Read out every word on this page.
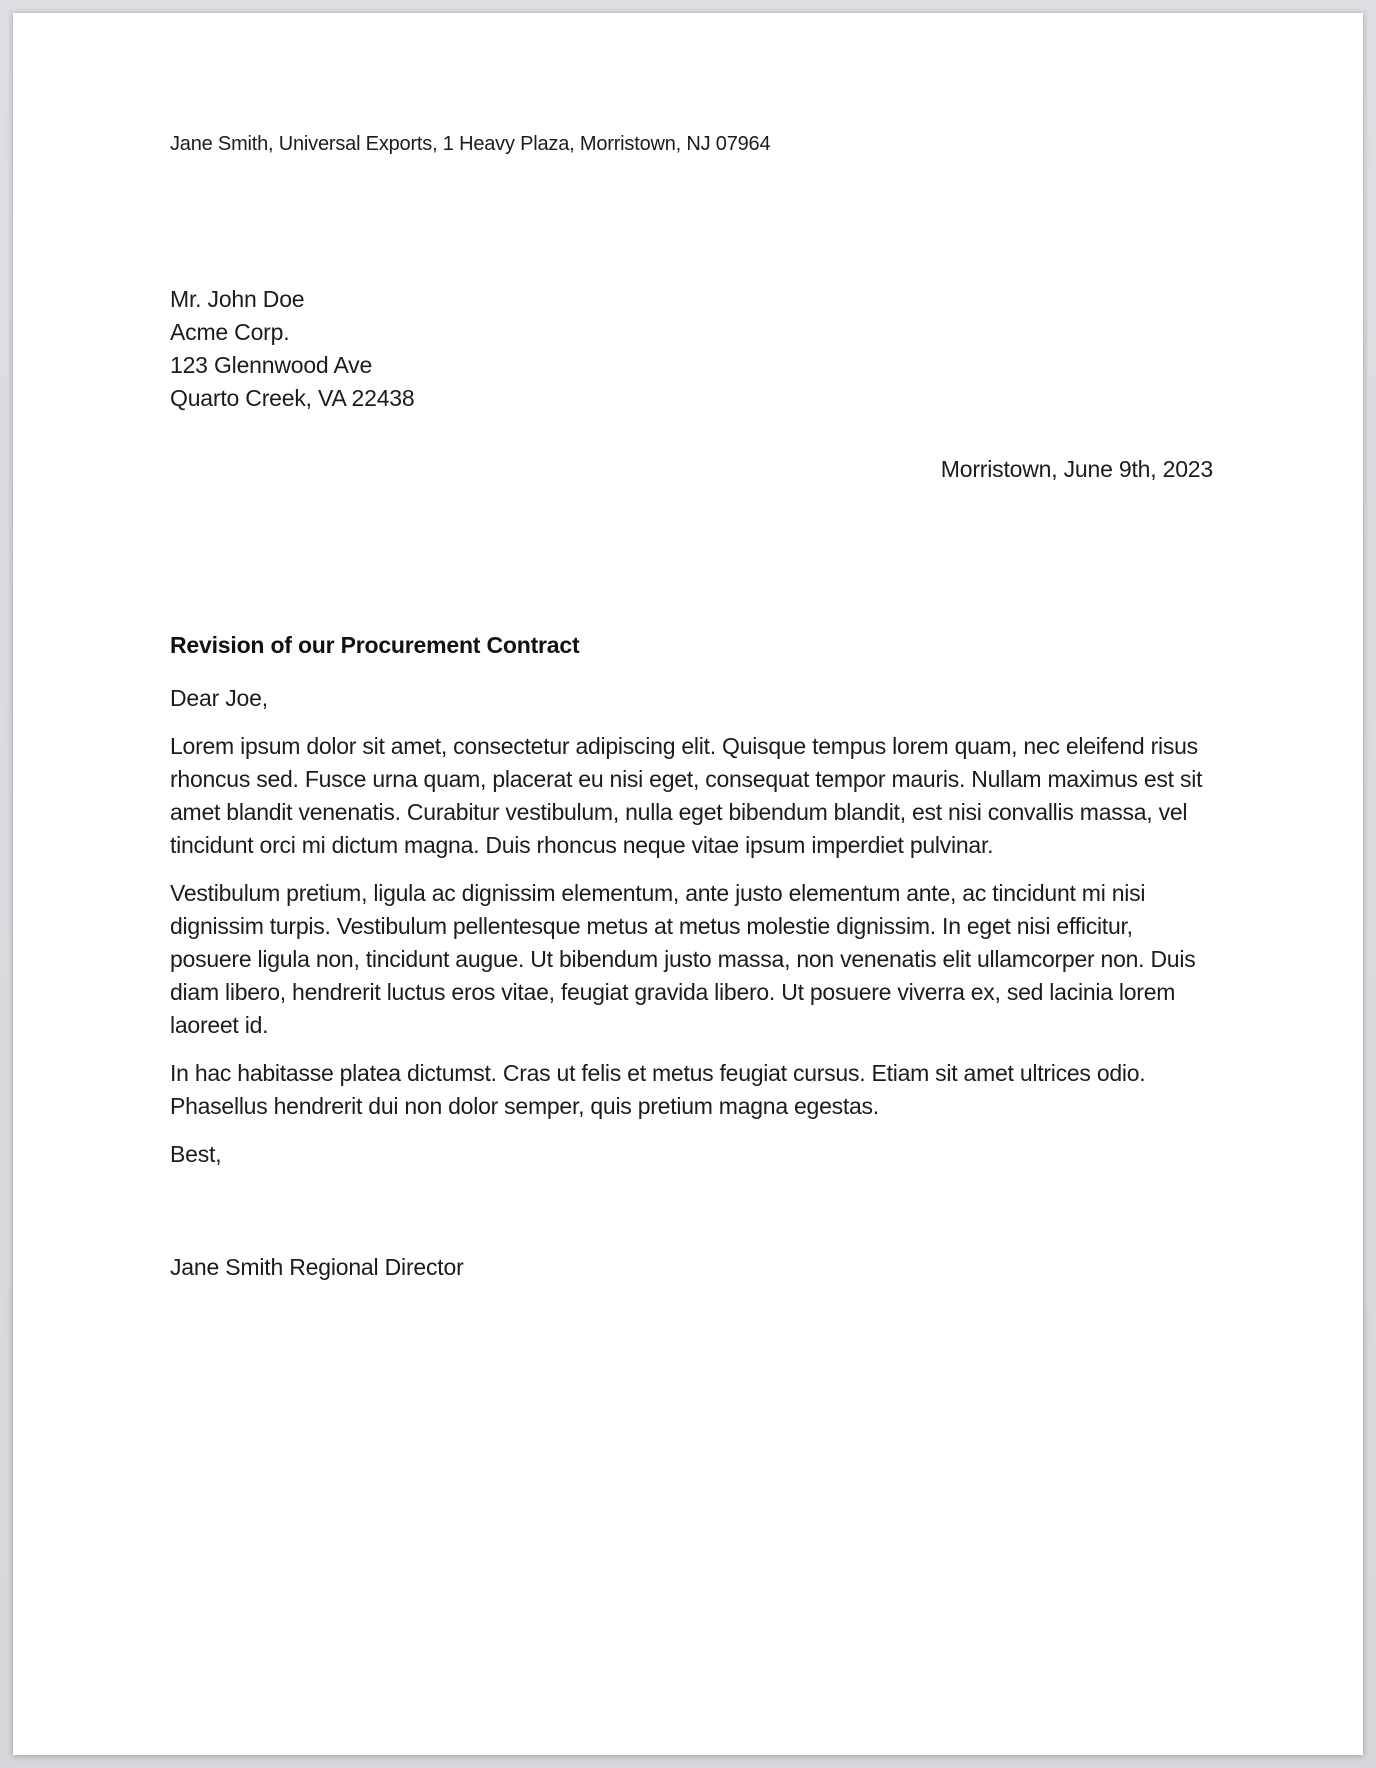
Jane Smith, Universal Exports, 1 Heavy Plaza, Morristown, NJ 07964
Mr. John Doe
Acme Corp.
123 Glennwood Ave
Quarto Creek, VA 22438
Morristown, June 9th, 2023
Revision of our Procurement Contract
Dear Joe,

Lorem ipsum dolor sit amet, consectetur adipiscing elit. Quisque tempus lorem quam, nec eleifend risus rhoncus sed. Fusce urna quam, placerat eu nisi eget, consequat tempor mauris. Nullam maximus est sit amet blandit venenatis. Curabitur vestibulum, nulla eget bibendum blandit, est nisi convallis massa, vel tincidunt orci mi dictum magna. Duis rhoncus neque vitae ipsum imperdiet pulvinar.

Vestibulum pretium, ligula ac dignissim elementum, ante justo elementum ante, ac tincidunt mi nisi dignissim turpis. Vestibulum pellentesque metus at metus molestie dignissim. In eget nisi efficitur, posuere ligula non, tincidunt augue. Ut bibendum justo massa, non venenatis elit ullamcorper non. Duis diam libero, hendrerit luctus eros vitae, feugiat gravida libero. Ut posuere viverra ex, sed lacinia lorem laoreet id.

In hac habitasse platea dictumst. Cras ut felis et metus feugiat cursus. Etiam sit amet ultrices odio. Phasellus hendrerit dui non dolor semper, quis pretium magna egestas.

Best,
Jane Smith Regional Director
